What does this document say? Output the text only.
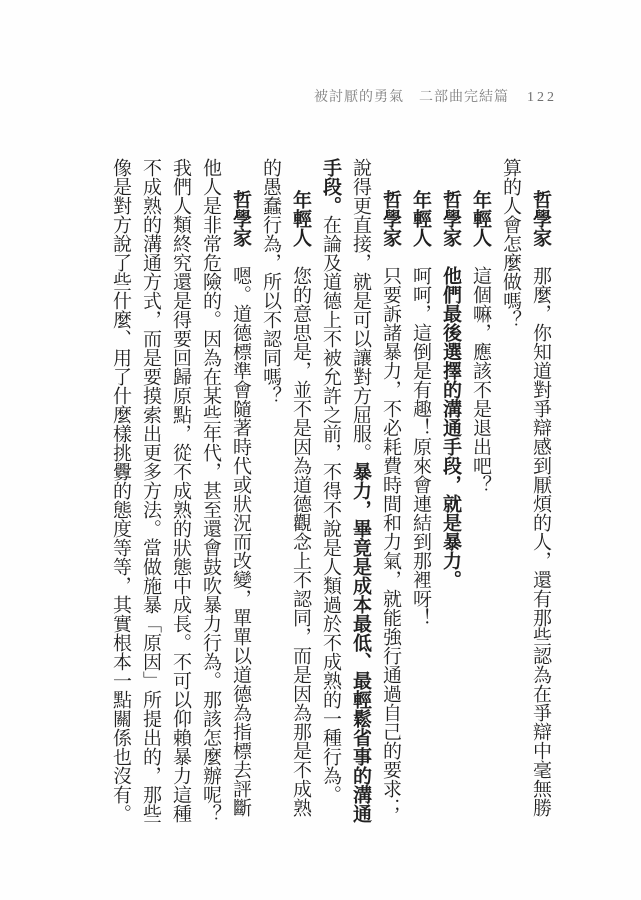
被討厭的勇氣　二部曲完結篇 122

哲學家　那麼，你知道對爭辯感到厭煩的人，還有那些認為在爭辯中毫無勝算的人會怎麼做嗎？

年輕人　這個嘛，應該不是退出吧？

哲學家　他們最後選擇的溝通手段，就是暴力。

年輕人　呵呵，這倒是有趣！原來會連結到那裡呀！

哲學家　只要訴諸暴力，不必耗費時間和力氣，就能強行通過自己的要求；說得更直接，就是可以讓對方屈服。暴力，畢竟是成本最低、最輕鬆省事的溝通手段。在論及道德上不被允許之前，不得不說是人類過於不成熟的一種行為。

年輕人　您的意思是，並不是因為道德觀念上不認同，而是因為那是不成熟的愚蠢行為，所以不認同嗎？

哲學家　嗯。道德標準會隨著時代或狀況而改變，單單以道德為指標去評斷他人是非常危險的。因為在某些年代，甚至還會鼓吹暴力行為。那該怎麼辦呢？我們人類終究還是得要回歸原點，從不成熟的狀態中成長。不可以仰賴暴力這種不成熟的溝通方式，而是要摸索出更多方法。當做施暴「原因」所提出的，那些像是對方說了些什麼、用了什麼樣挑釁的態度等等，其實根本一點關係也沒有。
